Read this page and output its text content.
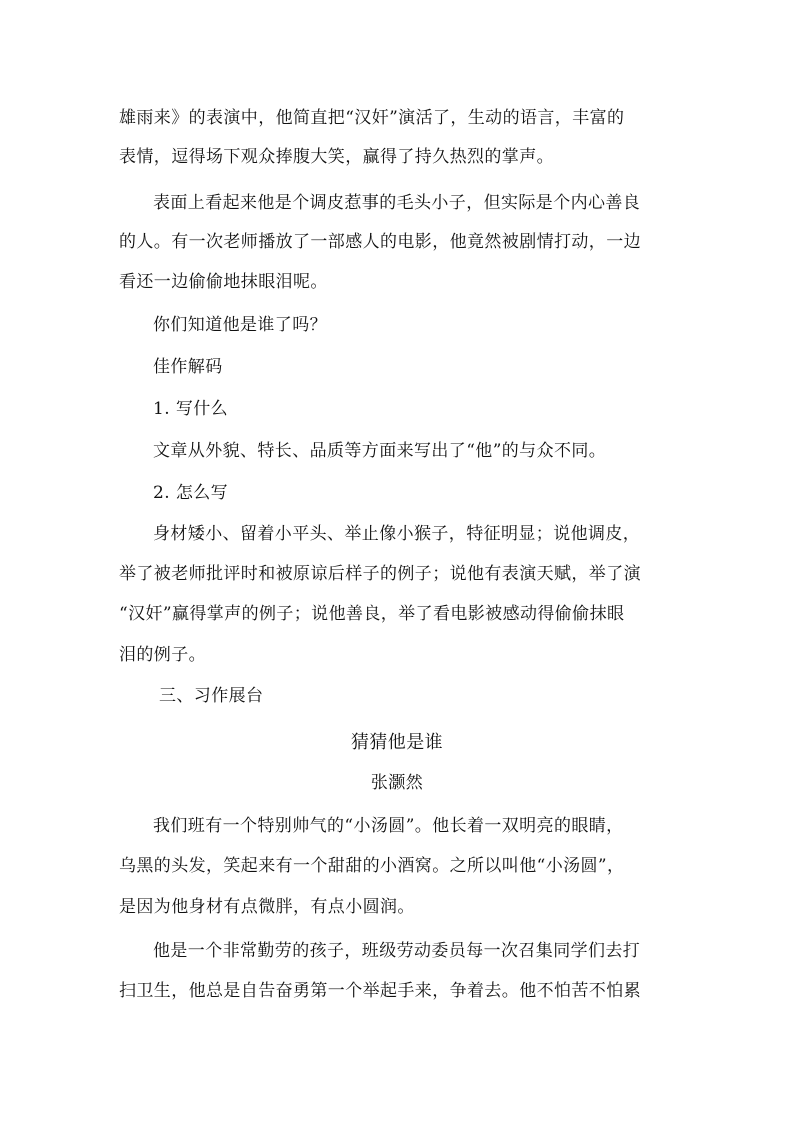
雄雨来》的表演中，他简直把“汉奸”演活了，生动的语言，丰富的
表情，逗得场下观众捧腹大笑，赢得了持久热烈的掌声。
表面上看起来他是个调皮惹事的毛头小子，但实际是个内心善良
的人。有一次老师播放了一部感人的电影，他竟然被剧情打动，一边
看还一边偷偷地抹眼泪呢。
你们知道他是谁了吗？
佳作解码
1. 写什么
文章从外貌、特长、品质等方面来写出了“他”的与众不同。
2. 怎么写
身材矮小、留着小平头、举止像小猴子，特征明显；说他调皮，
举了被老师批评时和被原谅后样子的例子；说他有表演天赋，举了演
“汉奸”赢得掌声的例子；说他善良，举了看电影被感动得偷偷抹眼
泪的例子。
三、习作展台
猜猜他是谁
张灏然
我们班有一个特别帅气的“小汤圆”。他长着一双明亮的眼睛，
乌黑的头发，笑起来有一个甜甜的小酒窝。之所以叫他“小汤圆”，
是因为他身材有点微胖，有点小圆润。
他是一个非常勤劳的孩子，班级劳动委员每一次召集同学们去打
扫卫生，他总是自告奋勇第一个举起手来，争着去。他不怕苦不怕累
